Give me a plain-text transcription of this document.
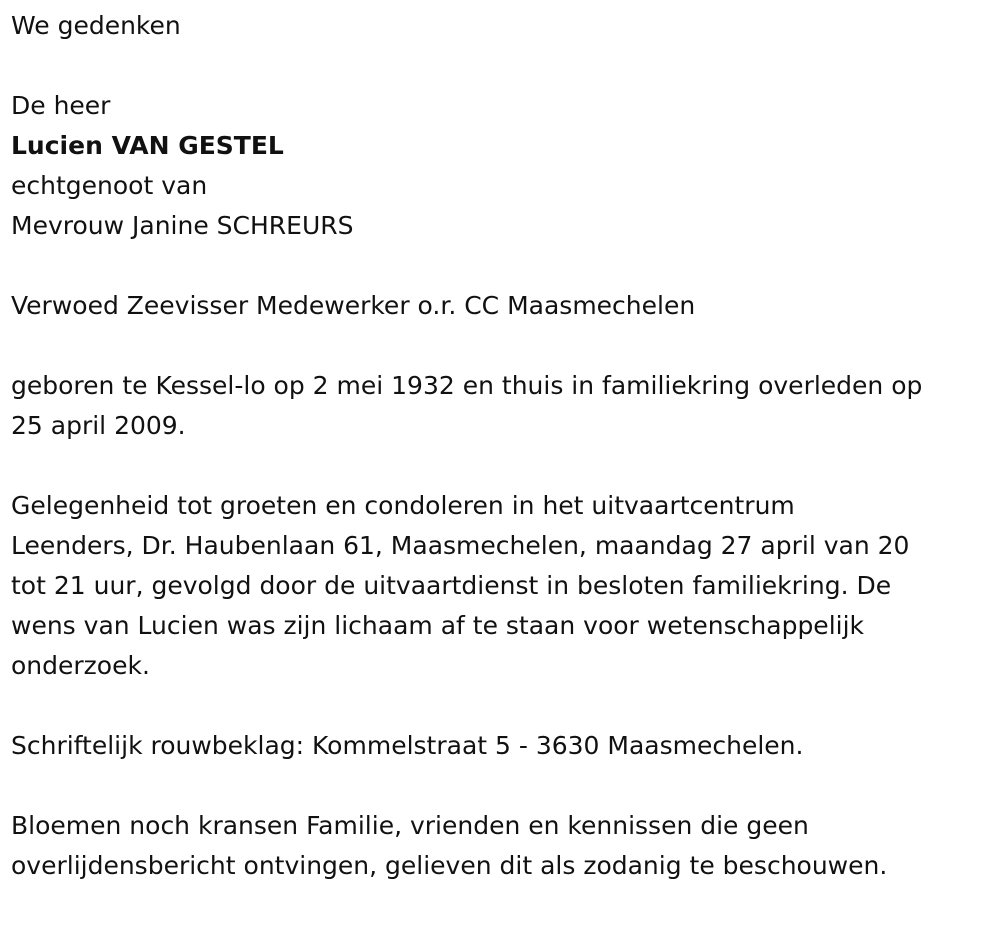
We gedenken

De heer

Lucien VAN GESTEL

echtgenoot van

Mevrouw Janine SCHREURS

Verwoed Zeevisser Medewerker o.r. CC Maasmechelen

geboren te Kessel-lo op 2 mei 1932 en thuis in familiekring overleden op

25 april 2009.

Gelegenheid tot groeten en condoleren in het uitvaartcentrum

Leenders, Dr. Haubenlaan 61, Maasmechelen, maandag 27 april van 20

tot 21 uur, gevolgd door de uitvaartdienst in besloten familiekring. De

wens van Lucien was zijn lichaam af te staan voor wetenschappelijk

onderzoek.

Schriftelijk rouwbeklag: Kommelstraat 5 - 3630 Maasmechelen.

Bloemen noch kransen Familie, vrienden en kennissen die geen

overlijdensbericht ontvingen, gelieven dit als zodanig te beschouwen.
